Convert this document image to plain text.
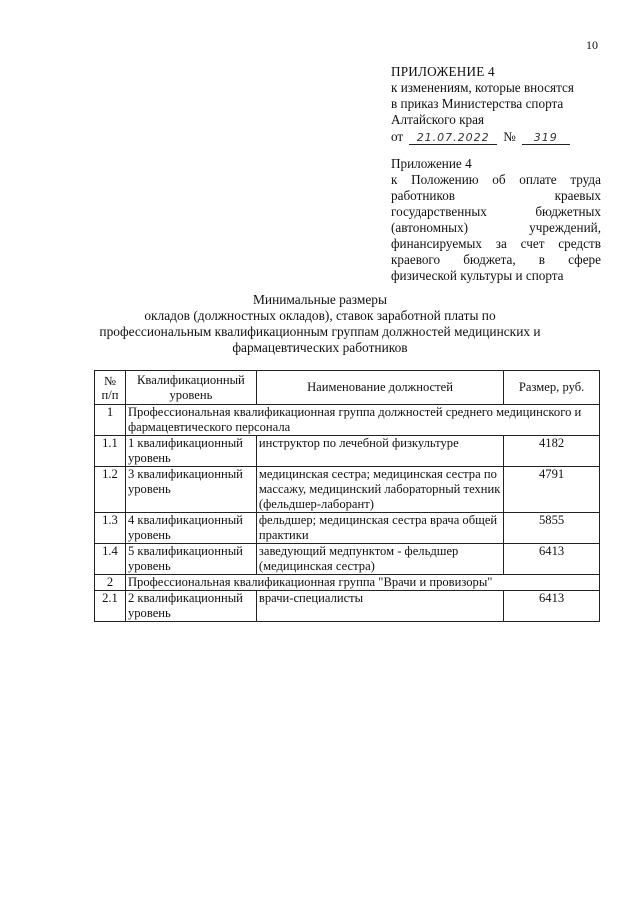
10
ПРИЛОЖЕНИЕ 4
к изменениям, которые вносятся
в приказ Министерства спорта
Алтайского края
от	21.07.2022	№	319
Приложение 4
к Положению об оплате труда
работников краевых
государственных бюджетных
(автономных) учреждений,
финансируемых за счет средств
краевого бюджета, в сфере
физической культуры и спорта
Минимальные размеры
окладов (должностных окладов), ставок заработной платы по
профессиональным квалификационным группам должностей медицинских и
фармацевтических работников
№
п/п	Квалификационный уровень	Наименование должностей	Размер, руб.
1	Профессиональная квалификационная группа должностей среднего медицинского и фармацевтического персонала		
1.1	1 квалификационный уровень	инструктор по лечебной физкультуре	4182
1.2	3 квалификационный уровень	медицинская сестра; медицинская сестра по массажу, медицинский лабораторный техник (фельдшер-лаборант)	4791
1.3	4 квалификационный уровень	фельдшер; медицинская сестра врача общей практики	5855
1.4	5 квалификационный уровень	заведующий медпунктом - фельдшер (медицинская сестра)	6413
2	Профессиональная квалификационная группа "Врачи и провизоры"		
2.1	2 квалификационный уровень	врачи-специалисты	6413
